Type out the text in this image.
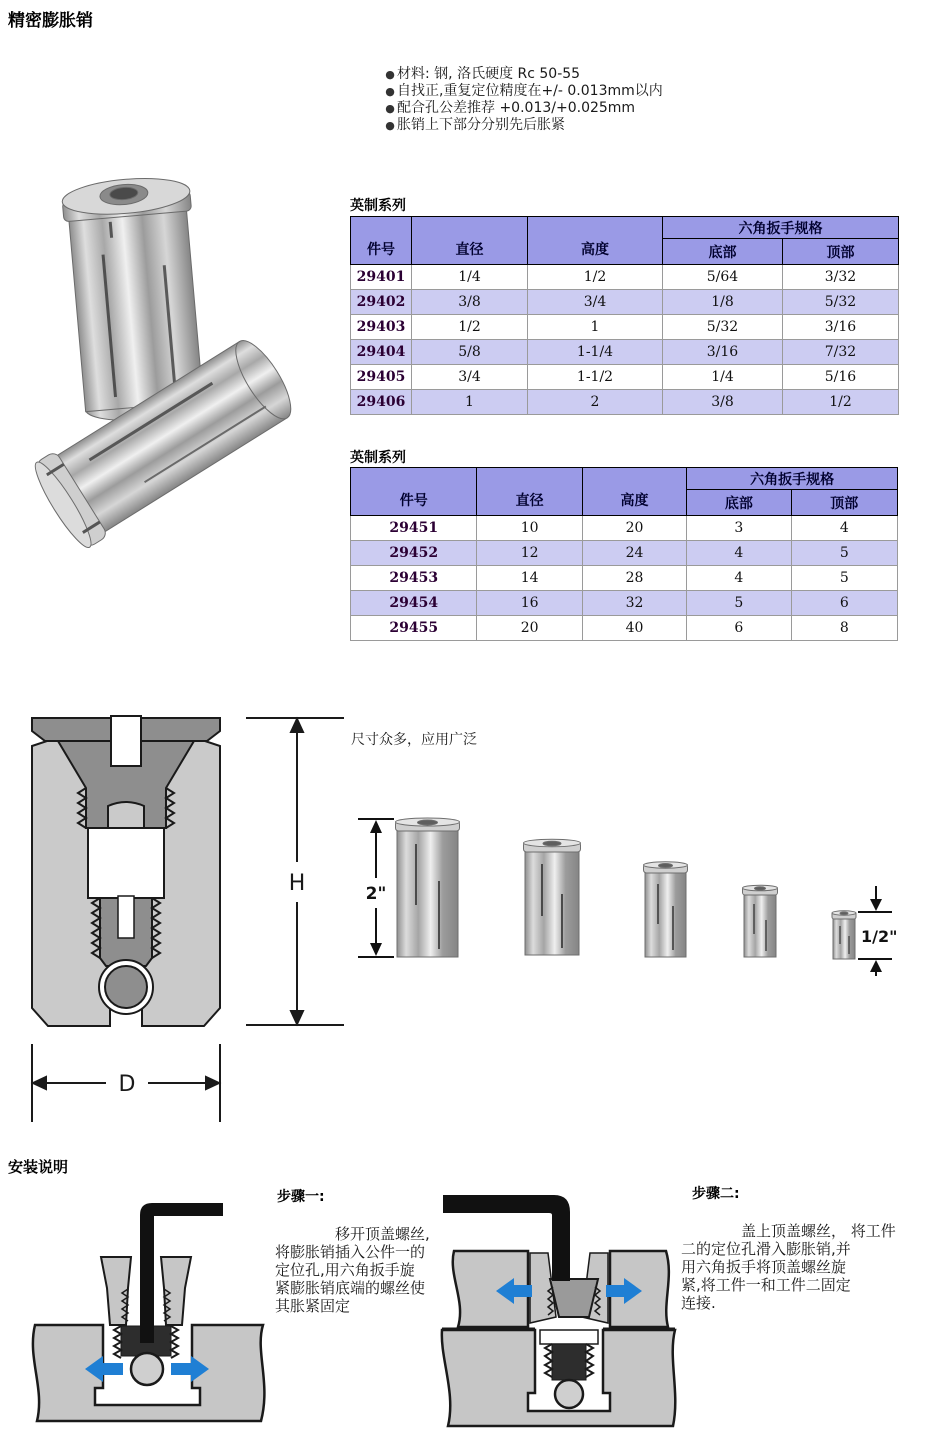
精密膨胀销
● 材料: 钢, 洛氏硬度 Rc 50-55
● 自找正,重复定位精度在+/- 0.013mm以内
● 配合孔公差推荐 +0.013/+0.025mm
● 胀销上下部分分别先后胀紧
英制系列
件号	直径	高度	六角扳手规格	
			底部	顶部
29401	1/4	1/2	5/64	3/32
29402	3/8	3/4	1/8	5/32
29403	1/2	1	5/32	3/16
29404	5/8	1-1/4	3/16	7/32
29405	3/4	1-1/2	1/4	5/16
29406	1	2	3/8	1/2
英制系列
件号	直径	高度	六角扳手规格	
			底部	顶部
29451	10	20	3	4
29452	12	24	4	5
29453	14	28	4	5
29454	16	32	5	6
29455	20	40	6	8
H
D
尺寸众多，应用广泛
2"
1/2"
安装说明
步骤一:
移开顶盖螺丝,
将膨胀销插入公件一的
定位孔,用六角扳手旋
紧膨胀销底端的螺丝使
其胀紧固定
步骤二:
盖上顶盖螺丝， 将工件
二的定位孔滑入膨胀销,并
用六角扳手将顶盖螺丝旋
紧,将工件一和工件二固定
连接.
